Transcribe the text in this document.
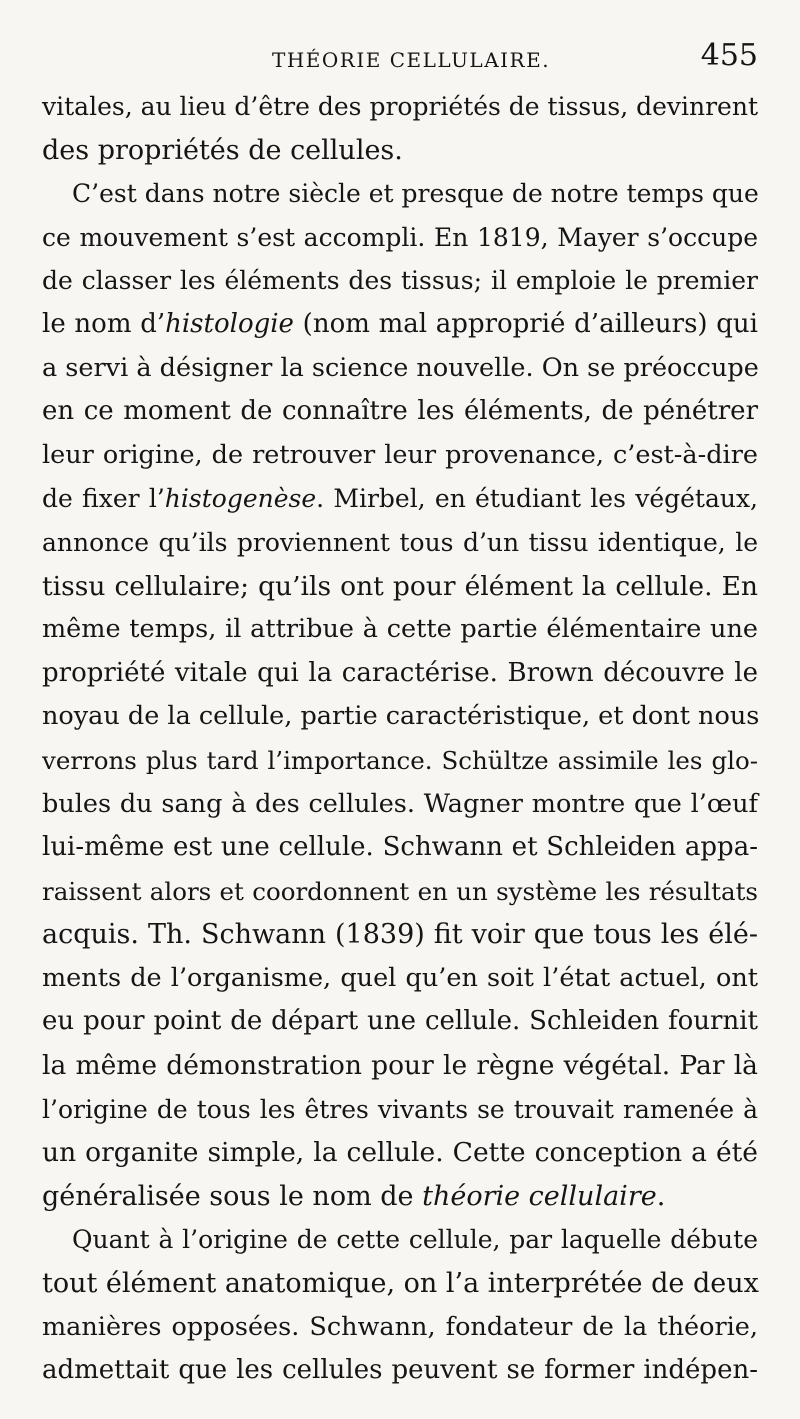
THÉORIE CELLULAIRE.	455
vitales, au lieu d’être des propriétés de tissus, devinrent
des propriétés de cellules.
C’est dans notre siècle et presque de notre temps que
ce mouvement s’est accompli. En 1819, Mayer s’occupe
de classer les éléments des tissus; il emploie le premier
le nom d’histologie (nom mal approprié d’ailleurs) qui
a servi à désigner la science nouvelle. On se préoccupe
en ce moment de connaître les éléments, de pénétrer
leur origine, de retrouver leur provenance, c’est-à-dire
de fixer l’histogenèse. Mirbel, en étudiant les végétaux,
annonce qu’ils proviennent tous d’un tissu identique, le
tissu cellulaire; qu’ils ont pour élément la cellule. En
même temps, il attribue à cette partie élémentaire une
propriété vitale qui la caractérise. Brown découvre le
noyau de la cellule, partie caractéristique, et dont nous
verrons plus tard l’importance. Schültze assimile les glo-
bules du sang à des cellules. Wagner montre que l’œuf
lui-même est une cellule. Schwann et Schleiden appa-
raissent alors et coordonnent en un système les résultats
acquis. Th. Schwann (1839) fit voir que tous les élé-
ments de l’organisme, quel qu’en soit l’état actuel, ont
eu pour point de départ une cellule. Schleiden fournit
la même démonstration pour le règne végétal. Par là
l’origine de tous les êtres vivants se trouvait ramenée à
un organite simple, la cellule. Cette conception a été
généralisée sous le nom de théorie cellulaire.
Quant à l’origine de cette cellule, par laquelle débute
tout élément anatomique, on l’a interprétée de deux
manières opposées. Schwann, fondateur de la théorie,
admettait que les cellules peuvent se former indépen-
